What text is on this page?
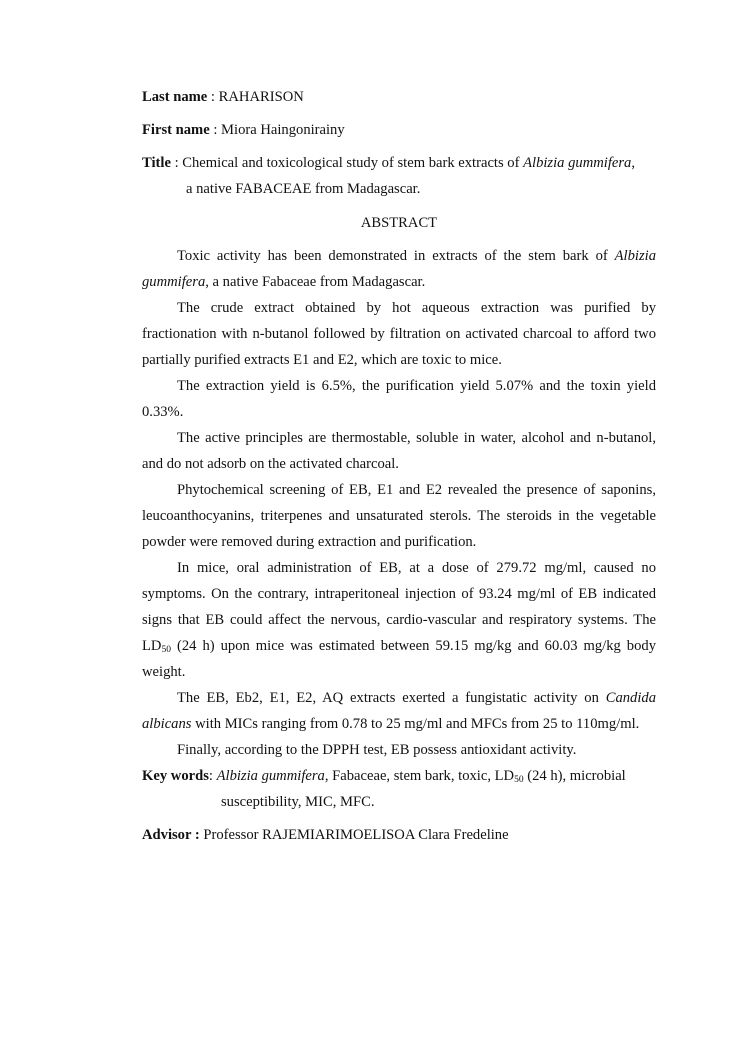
Last name : RAHARISON
First name : Miora Haingonirainy
Title : Chemical and toxicological study of stem bark extracts of Albizia gummifera,
a native FABACEAE from Madagascar.
ABSTRACT
Toxic activity has been demonstrated in extracts of the stem bark of Albizia gummifera, a native Fabaceae from Madagascar.
The crude extract obtained by hot aqueous extraction was purified by fractionation with n-butanol followed by filtration on activated charcoal to afford two partially purified extracts E1 and E2, which are toxic to mice.
The extraction yield is 6.5%, the purification yield 5.07% and the toxin yield 0.33%.
The active principles are thermostable, soluble in water, alcohol and n-butanol, and do not adsorb on the activated charcoal.
Phytochemical screening of EB, E1 and E2 revealed the presence of saponins, leucoanthocyanins, triterpenes and unsaturated sterols. The steroids in the vegetable powder were removed during extraction and purification.
In mice, oral administration of EB, at a dose of 279.72 mg/ml, caused no symptoms. On the contrary, intraperitoneal injection of 93.24 mg/ml of EB indicated signs that EB could affect the nervous, cardio-vascular and respiratory systems. The $LD_{50}$ (24 h) upon mice was estimated between 59.15 mg/kg and 60.03 mg/kg body weight.
The EB, Eb2, E1, E2, AQ extracts exerted a fungistatic activity on Candida albicans with MICs ranging from 0.78 to 25 mg/ml and MFCs from 25 to 110mg/ml.
Finally, according to the DPPH test, EB possess antioxidant activity.
Key words: Albizia gummifera, Fabaceae, stem bark, toxic, $LD_{50}$ (24 h), microbial
susceptibility, MIC, MFC.
Advisor : Professor RAJEMIARIMOELISOA Clara Fredeline
